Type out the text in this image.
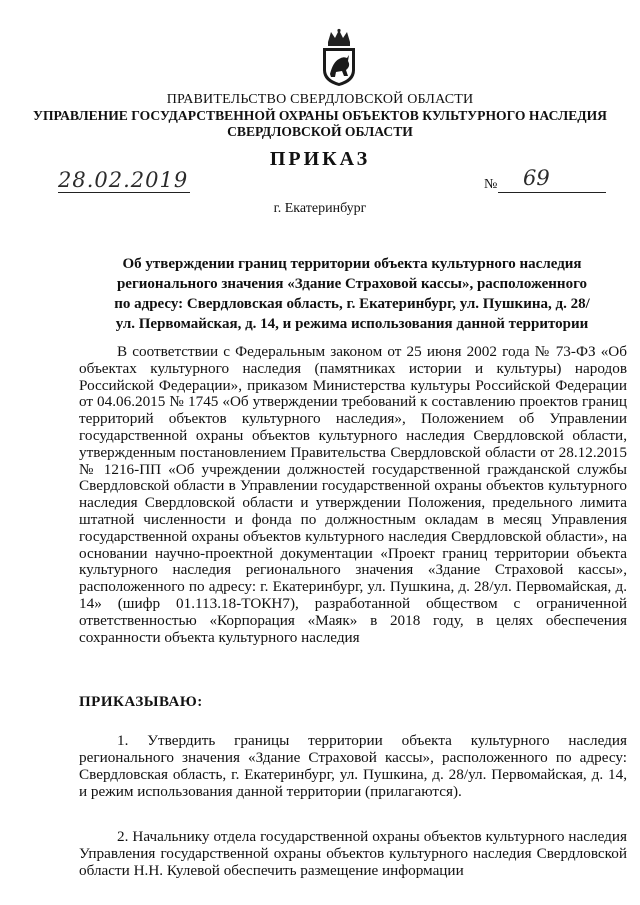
ПРАВИТЕЛЬСТВО СВЕРДЛОВСКОЙ ОБЛАСТИ
УПРАВЛЕНИЕ ГОСУДАРСТВЕННОЙ ОХРАНЫ ОБЪЕКТОВ КУЛЬТУРНОГО НАСЛЕДИЯ
СВЕРДЛОВСКОЙ ОБЛАСТИ
ПРИКАЗ
28.02.2019	№ 69
г. Екатеринбург
Об утверждении границ территории объекта культурного наследия
регионального значения «Здание Страховой кассы», расположенного
по адресу: Свердловская область, г. Екатеринбург, ул. Пушкина, д. 28/
ул. Первомайская, д. 14, и режима использования данной территории
В соответствии с Федеральным законом от 25 июня 2002 года № 73-ФЗ «Об объектах культурного наследия (памятниках истории и культуры) народов Российской Федерации», приказом Министерства культуры Российской Федерации от 04.06.2015 № 1745 «Об утверждении требований к составлению проектов границ территорий объектов культурного наследия», Положением об Управлении государственной охраны объектов культурного наследия Свердловской области, утвержденным постановлением Правительства Свердловской области от 28.12.2015 № 1216-ПП «Об учреждении должностей государственной гражданской службы Свердловской области в Управлении государственной охраны объектов культурного наследия Свердловской области и утверждении Положения, предельного лимита штатной численности и фонда по должностным окладам в месяц Управления государственной охраны объектов культурного наследия Свердловской области», на основании научно-проектной документации «Проект границ территории объекта культурного наследия регионального значения «Здание Страховой кассы», расположенного по адресу: г. Екатеринбург, ул. Пушкина, д. 28/ул. Первомайская, д. 14» (шифр 01.113.18-ТОКН7), разработанной обществом с ограниченной ответственностью «Корпорация «Маяк» в 2018 году, в целях обеспечения сохранности объекта культурного наследия
ПРИКАЗЫВАЮ:
1. Утвердить границы территории объекта культурного наследия регионального значения «Здание Страховой кассы», расположенного по адресу: Свердловская область, г. Екатеринбург, ул. Пушкина, д. 28/ул. Первомайская, д. 14, и режим использования данной территории (прилагаются).
2. Начальнику отдела государственной охраны объектов культурного наследия Управления государственной охраны объектов культурного наследия Свердловской области Н.Н. Кулевой обеспечить размещение информации
